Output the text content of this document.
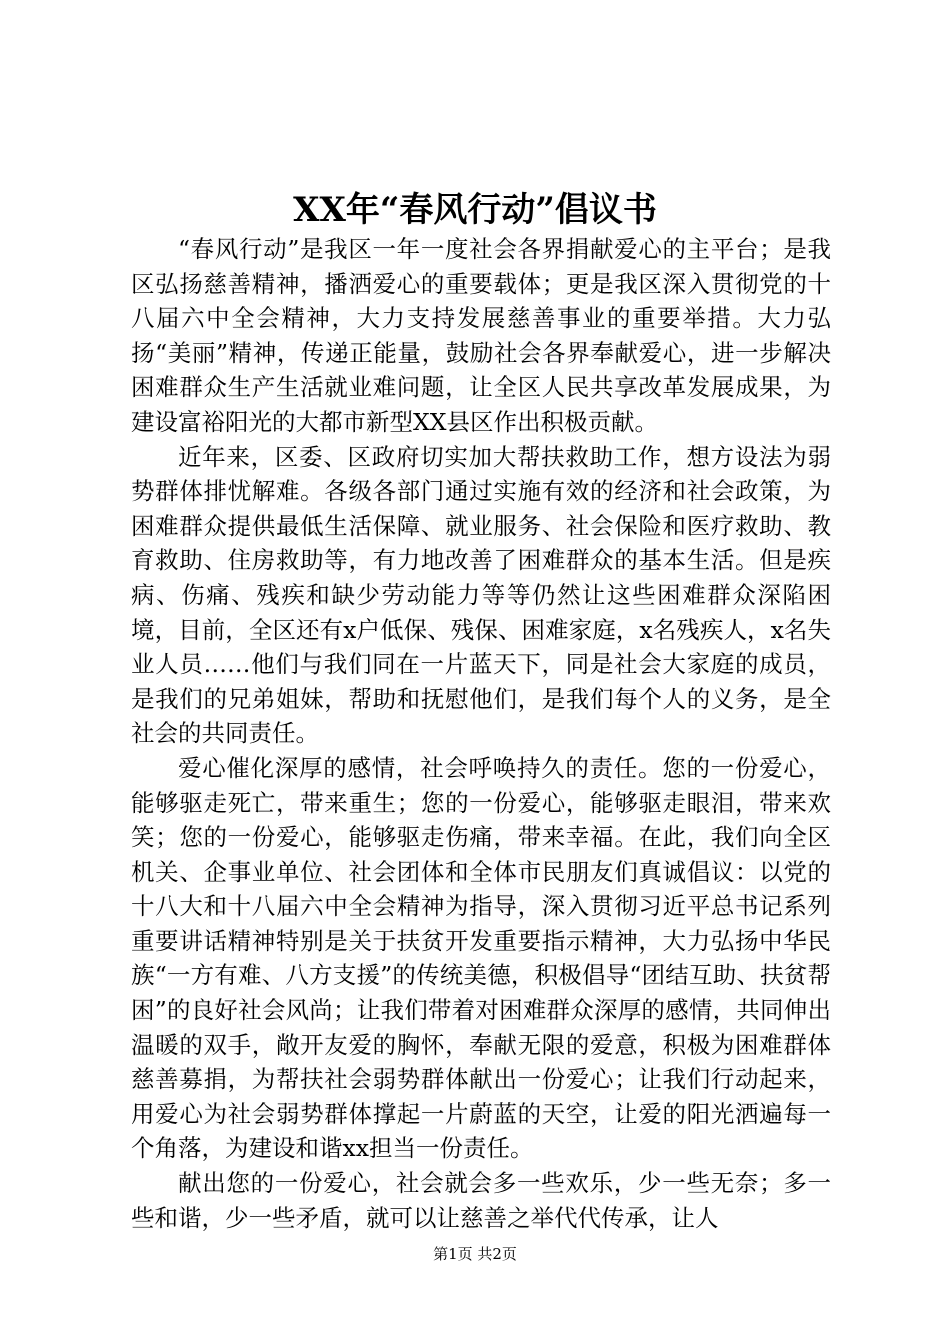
XX年“春风行动”倡议书

“春风行动”是我区一年一度社会各界捐献爱心的主平台；是我区弘扬慈善精神，播洒爱心的重要载体；更是我区深入贯彻党的十八届六中全会精神，大力支持发展慈善事业的重要举措。大力弘扬“美丽”精神，传递正能量，鼓励社会各界奉献爱心，进一步解决困难群众生产生活就业难问题，让全区人民共享改革发展成果，为建设富裕阳光的大都市新型XX县区作出积极贡献。

近年来，区委、区政府切实加大帮扶救助工作，想方设法为弱势群体排忧解难。各级各部门通过实施有效的经济和社会政策，为困难群众提供最低生活保障、就业服务、社会保险和医疗救助、教育救助、住房救助等，有力地改善了困难群众的基本生活。但是疾病、伤痛、残疾和缺少劳动能力等等仍然让这些困难群众深陷困境，目前，全区还有x户低保、残保、困难家庭，x名残疾人，x名失业人员……他们与我们同在一片蓝天下，同是社会大家庭的成员，是我们的兄弟姐妹，帮助和抚慰他们，是我们每个人的义务，是全社会的共同责任。

爱心催化深厚的感情，社会呼唤持久的责任。您的一份爱心，能够驱走死亡，带来重生；您的一份爱心，能够驱走眼泪，带来欢笑；您的一份爱心，能够驱走伤痛，带来幸福。在此，我们向全区机关、企事业单位、社会团体和全体市民朋友们真诚倡议：以党的十八大和十八届六中全会精神为指导，深入贯彻习近平总书记系列重要讲话精神特别是关于扶贫开发重要指示精神，大力弘扬中华民族“一方有难、八方支援”的传统美德，积极倡导“团结互助、扶贫帮困”的良好社会风尚；让我们带着对困难群众深厚的感情，共同伸出温暖的双手，敞开友爱的胸怀，奉献无限的爱意，积极为困难群体慈善募捐，为帮扶社会弱势群体献出一份爱心；让我们行动起来，用爱心为社会弱势群体撑起一片蔚蓝的天空，让爱的阳光洒遍每一个角落，为建设和谐xx担当一份责任。

献出您的一份爱心，社会就会多一些欢乐，少一些无奈；多一些和谐，少一些矛盾，就可以让慈善之举代代传承，让人

第1页 共2页
